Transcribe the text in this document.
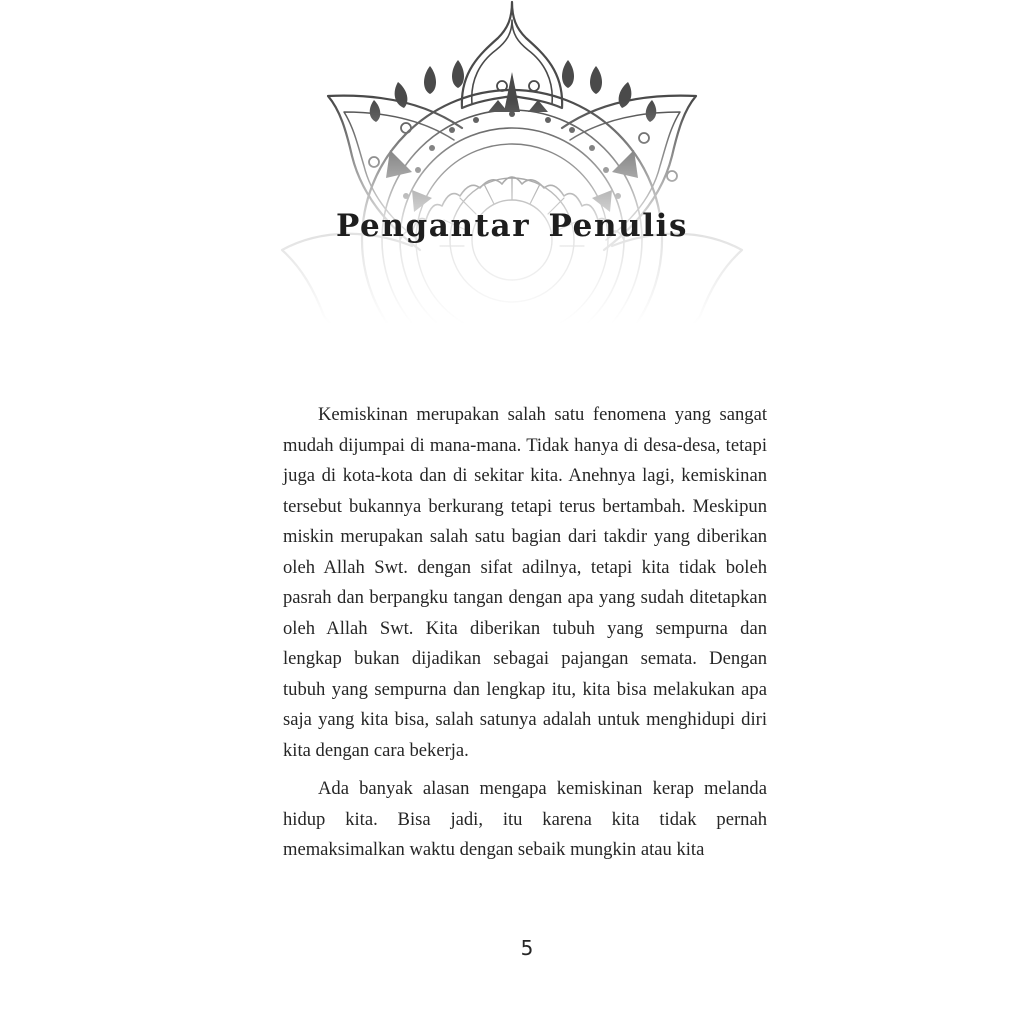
Pengantar Penulis

Kemiskinan merupakan salah satu fenomena yang sangat mudah dijumpai di mana-mana. Tidak hanya di desa-desa, tetapi juga di kota-kota dan di sekitar kita. Anehnya lagi, kemiskinan tersebut bukannya berkurang tetapi terus bertambah. Meskipun miskin merupakan salah satu bagian dari takdir yang diberikan oleh Allah Swt. dengan sifat adilnya, tetapi kita tidak boleh pasrah dan berpangku tangan dengan apa yang sudah ditetapkan oleh Allah Swt. Kita diberikan tubuh yang sempurna dan lengkap bukan dijadikan sebagai pajangan semata. Dengan tubuh yang sempurna dan lengkap itu, kita bisa melakukan apa saja yang kita bisa, salah satunya adalah untuk menghidupi diri kita dengan cara bekerja.

Ada banyak alasan mengapa kemiskinan kerap melanda hidup kita. Bisa jadi, itu karena kita tidak pernah memaksimalkan waktu dengan sebaik mungkin atau kita

5
